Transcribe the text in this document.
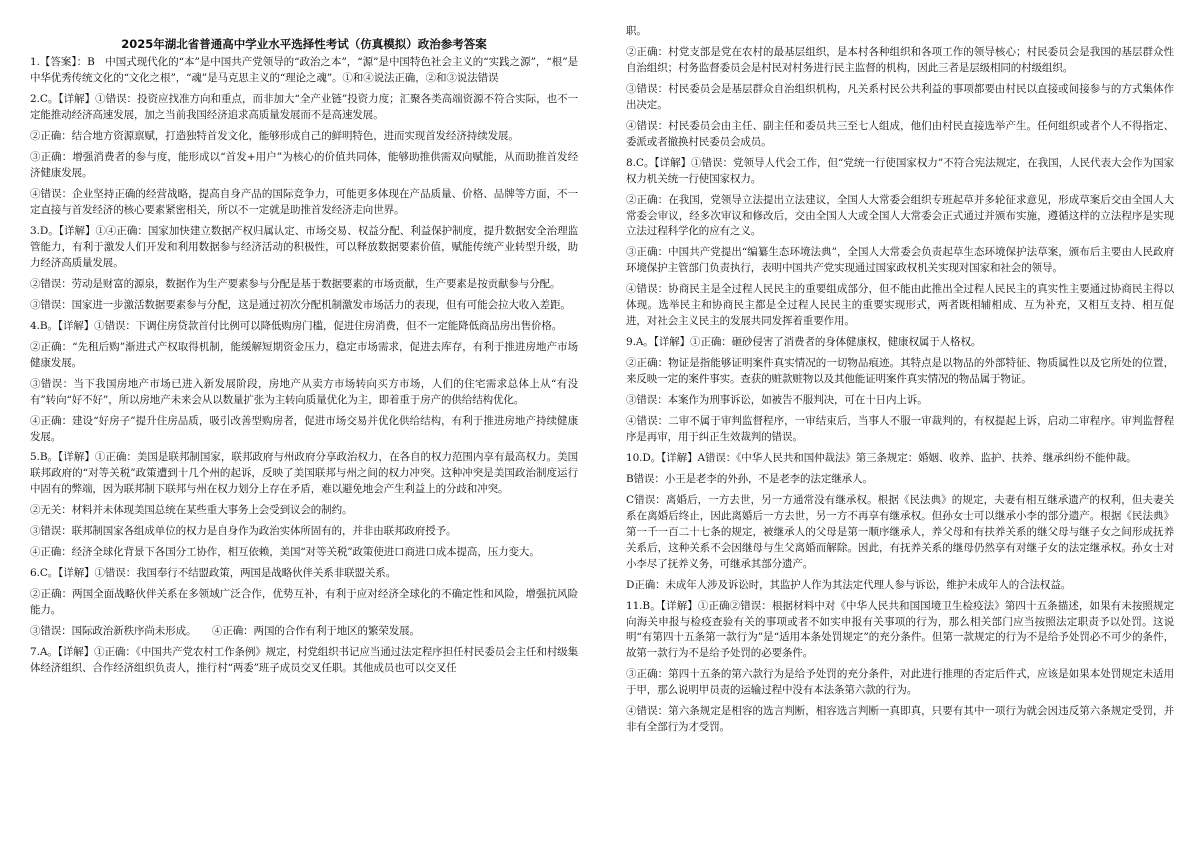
2025年湖北省普通高中学业水平选择性考试（仿真模拟）政治参考答案

1.【答案】：B　中国式现代化的“本”是中国共产党领导的“政治之本”，“源”是中国特色社会主义的“实践之源”，“根”是中华优秀传统文化的“文化之根”，“魂”是马克思主义的“理论之魂”。①和④说法正确，②和③说法错误

2.C。【详解】①错误：投资应找准方向和重点，而非加大“全产业链”投资力度；汇聚各类高端资源不符合实际，也不一定能推动经济高速发展，加之当前我国经济追求高质量发展而不是高速发展。

②正确：结合地方资源禀赋，打造独特首发文化，能够形成自己的鲜明特色，进而实现首发经济持续发展。

③正确：增强消费者的参与度，能形成以“首发+用户”为核心的价值共同体，能够助推供需双向赋能，从而助推首发经济健康发展。

④错误：企业坚持正确的经营战略，提高自身产品的国际竞争力，可能更多体现在产品质量、价格、品牌等方面，不一定直接与首发经济的核心要素紧密相关，所以不一定就是助推首发经济走向世界。

3.D。【详解】①④正确：国家加快建立数据产权归属认定、市场交易、权益分配、利益保护制度，提升数据安全治理监管能力，有利于激发人们开发和利用数据参与经济活动的积极性，可以释放数据要素价值，赋能传统产业转型升级，助力经济高质量发展。

②错误：劳动是财富的源泉，数据作为生产要素参与分配是基于数据要素的市场贡献，生产要素是按贡献参与分配。

③错误：国家进一步激活数据要素参与分配，这是通过初次分配机制激发市场活力的表现，但有可能会拉大收入差距。

4.B。【详解】①错误：下调住房贷款首付比例可以降低购房门槛，促进住房消费，但不一定能降低商品房出售价格。

②正确：“先租后购”渐进式产权取得机制，能缓解短期资金压力，稳定市场需求，促进去库存，有利于推进房地产市场健康发展。

③错误：当下我国房地产市场已进入新发展阶段，房地产从卖方市场转向买方市场，人们的住宅需求总体上从“有没有”转向“好不好”，所以房地产未来会从以数量扩张为主转向质量优化为主，即着重于房产的供给结构优化。

④正确：建设“好房子”提升住房品质，吸引改善型购房者，促进市场交易并优化供给结构，有利于推进房地产持续健康发展。

5.B。【详解】①正确：美国是联邦制国家，联邦政府与州政府分享政治权力，在各自的权力范围内享有最高权力。美国联邦政府的“对等关税”政策遭到十几个州的起诉，反映了美国联邦与州之间的权力冲突。这种冲突是美国政治制度运行中固有的弊端，因为联邦制下联邦与州在权力划分上存在矛盾，难以避免地会产生利益上的分歧和冲突。

②无关：材料并未体现美国总统在某些重大事务上会受到议会的制约。

③错误：联邦制国家各组成单位的权力是自身作为政治实体所固有的，并非由联邦政府授予。

④正确：经济全球化背景下各国分工协作，相互依赖，美国“对等关税”政策使进口商进口成本提高，压力变大。

6.C。【详解】①错误：我国奉行不结盟政策，两国是战略伙伴关系非联盟关系。

②正确：两国全面战略伙伴关系在多领域广泛合作，优势互补，有利于应对经济全球化的不确定性和风险，增强抗风险能力。

③错误：国际政治新秩序尚未形成。　　④正确：两国的合作有利于地区的繁荣发展。

7.A。【详解】①正确：《中国共产党农村工作条例》规定，村党组织书记应当通过法定程序担任村民委员会主任和村级集体经济组织、合作经济组织负责人，推行村“两委”班子成员交叉任职。其他成员也可以交叉任

职。

②正确：村党支部是党在农村的最基层组织，是本村各种组织和各项工作的领导核心；村民委员会是我国的基层群众性自治组织；村务监督委员会是村民对村务进行民主监督的机构，因此三者是层级相同的村级组织。

③错误：村民委员会是基层群众自治组织机构，凡关系村民公共利益的事项都要由村民以直接或间接参与的方式集体作出决定。

④错误：村民委员会由主任、副主任和委员共三至七人组成，他们由村民直接选举产生。任何组织或者个人不得指定、委派或者撤换村民委员会成员。

8.C。【详解】①错误：党领导人代会工作，但“党统一行使国家权力”不符合宪法规定，在我国，人民代表大会作为国家权力机关统一行使国家权力。

②正确：在我国，党领导立法提出立法建议，全国人大常委会组织专班起草并多轮征求意见，形成草案后交由全国人大常委会审议，经多次审议和修改后，交由全国人大或全国人大常委会正式通过并颁布实施，遵循这样的立法程序是实现立法过程科学化的应有之义。

③正确：中国共产党提出“编纂生态环境法典”，全国人大常委会负责起草生态环境保护法草案，颁布后主要由人民政府环境保护主管部门负责执行，表明中国共产党实现通过国家政权机关实现对国家和社会的领导。

④错误：协商民主是全过程人民民主的重要组成部分，但不能由此推出全过程人民民主的真实性主要通过协商民主得以体现。选举民主和协商民主都是全过程人民民主的重要实现形式，两者既相辅相成、互为补充，又相互支持、相互促进，对社会主义民主的发展共同发挥着重要作用。

9.A。【详解】①正确：砸砂侵害了消费者的身体健康权，健康权属于人格权。

②正确：物证是指能够证明案件真实情况的一切物品痕迹。其特点是以物品的外部特征、物质属性以及它所处的位置，来反映一定的案件事实。查获的赃款赃物以及其他能证明案件真实情况的物品属于物证。

③错误：本案作为刑事诉讼，如被告不服判决，可在十日内上诉。

④错误：二审不属于审判监督程序，一审结束后，当事人不服一审裁判的，有权提起上诉，启动二审程序。审判监督程序是再审，用于纠正生效裁判的错误。

10.D。【详解】A错误：《中华人民共和国仲裁法》第三条规定：婚姻、收养、监护、扶养、继承纠纷不能仲裁。

B错误：小王是老李的外孙，不是老李的法定继承人。

C错误：离婚后，一方去世，另一方通常没有继承权。根据《民法典》的规定，夫妻有相互继承遗产的权利，但夫妻关系在离婚后终止，因此离婚后一方去世，另一方不再享有继承权。但孙女士可以继承小李的部分遗产。根据《民法典》第一千一百二十七条的规定，被继承人的父母是第一顺序继承人，养父母和有扶养关系的继父母与继子女之间形成抚养关系后，这种关系不会因继母与生父离婚而解除。因此，有抚养关系的继母仍然享有对继子女的法定继承权。孙女士对小李尽了抚养义务，可继承其部分遗产。

D正确：未成年人涉及诉讼时，其监护人作为其法定代理人参与诉讼，维护未成年人的合法权益。

11.B。【详解】①正确②错误：根据材料中对《中华人民共和国国境卫生检疫法》第四十五条描述，如果有未按照规定向海关申报与检疫查验有关的事项或者不如实申报有关事项的行为，那么相关部门应当按照法定职责予以处罚。这说明“有第四十五条第一款行为”是“适用本条处罚规定”的充分条件。但第一款规定的行为不是给予处罚必不可少的条件，故第一款行为不是给予处罚的必要条件。

③正确：第四十五条的第六款行为是给予处罚的充分条件，对此进行推理的否定后件式，应该是如果本处罚规定未适用于甲，那么说明甲员责的运输过程中没有本法条第六款的行为。

④错误：第六条规定是相容的选言判断，相容选言判断一真即真，只要有其中一项行为就会因违反第六条规定受罚，并非有全部行为才受罚。
